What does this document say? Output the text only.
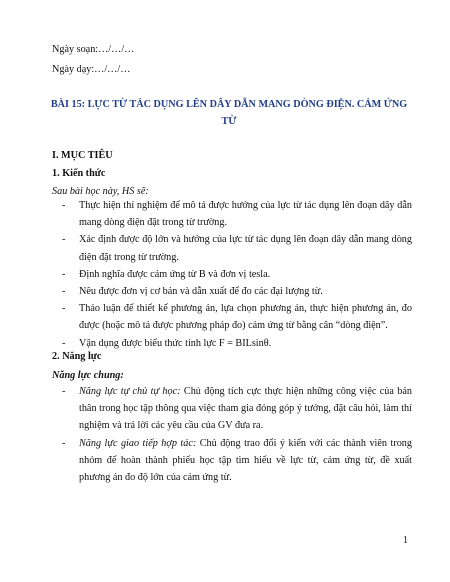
Ngày soạn:…/…/…
Ngày dạy:…/…/…
BÀI 15: LỰC TỪ TÁC DỤNG LÊN DÂY DẪN MANG DÒNG ĐIỆN. CẢM ỨNG TỪ
I. MỤC TIÊU
1. Kiến thức
Sau bài học này, HS sẽ:
- Thực hiện thí nghiệm để mô tả được hướng của lực từ tác dụng lên đoạn dây dẫn mang dòng điện đặt trong từ trường.
- Xác định được độ lớn và hướng của lực từ tác dụng lên đoạn dây dẫn mang dòng điện đặt trong từ trường.
- Định nghĩa được cảm ứng từ B và đơn vị tesla.
- Nêu được đơn vị cơ bản và dẫn xuất để đo các đại lượng từ.
- Thảo luận để thiết kế phương án, lựa chọn phương án, thực hiện phương án, đo được (hoặc mô tả được phương pháp đo) cảm ứng từ bằng cân “dòng điện”.
- Vận dụng được biểu thức tính lực F = BILsinθ.
2. Năng lực
Năng lực chung:
- Năng lực tự chủ tự học: Chủ động tích cực thực hiện những công việc của bản thân trong học tập thông qua việc tham gia đóng góp ý tưởng, đặt câu hỏi, làm thí nghiệm và trả lời các yêu cầu của GV đưa ra.
- Năng lực giao tiếp hợp tác: Chủ động trao đổi ý kiến với các thành viên trong nhóm để hoàn thành phiếu học tập tìm hiểu về lực từ, cảm ứng từ, đề xuất phương án đo độ lớn của cảm ứng từ.
1
